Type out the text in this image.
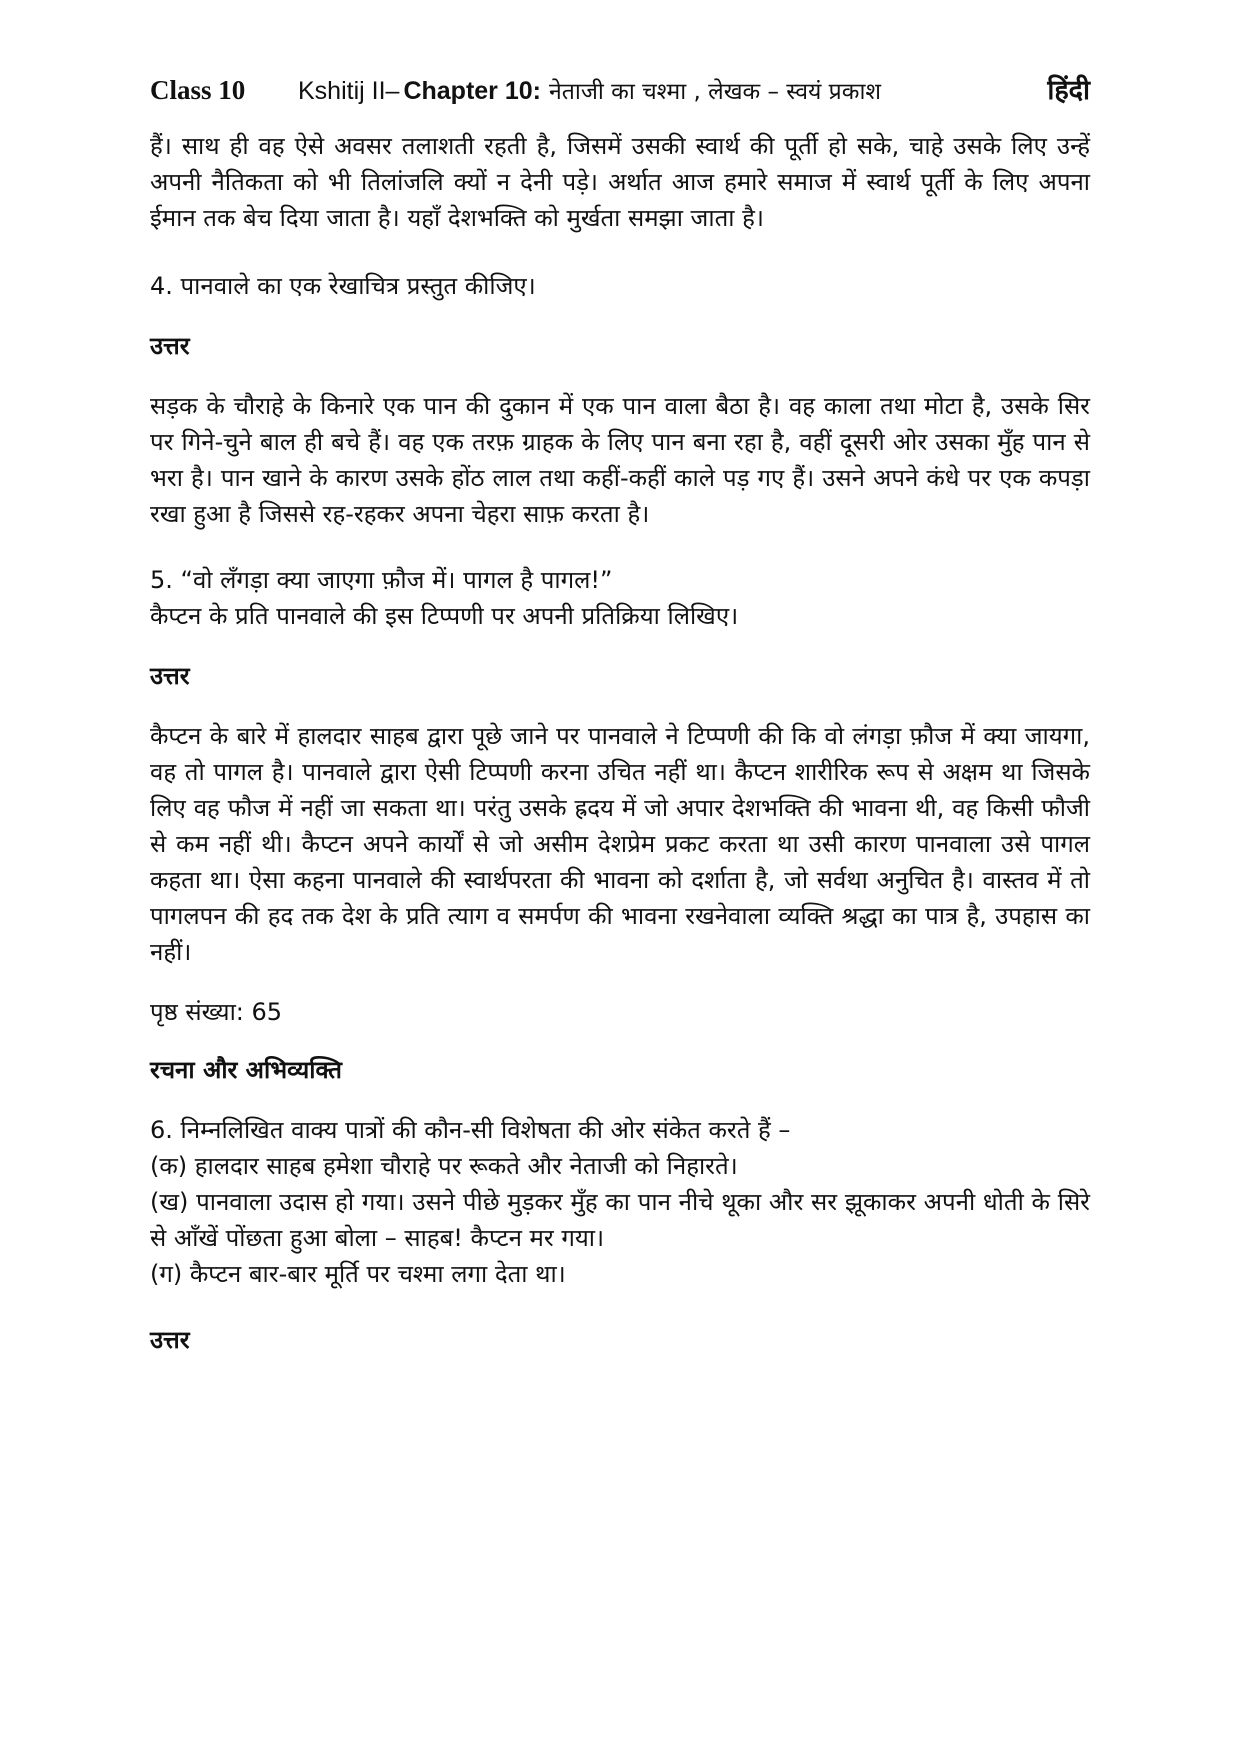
Class 10	Kshitij II– Chapter 10: नेताजी का चश्मा , लेखक – स्वयं प्रकाश	हिंदी

हैं। साथ ही वह ऐसे अवसर तलाशती रहती है, जिसमें उसकी स्वार्थ की पूर्ती हो सके, चाहे उसके लिए उन्हें अपनी नैतिकता को भी तिलांजलि क्यों न देनी पड़े। अर्थात आज हमारे समाज में स्वार्थ पूर्ती के लिए अपना ईमान तक बेच दिया जाता है। यहाँ देशभक्ति को मुर्खता समझा जाता है।

4. पानवाले का एक रेखाचित्र प्रस्तुत कीजिए।

उत्तर

सड़क के चौराहे के किनारे एक पान की दुकान में एक पान वाला बैठा है। वह काला तथा मोटा है, उसके सिर पर गिने-चुने बाल ही बचे हैं। वह एक तरफ़ ग्राहक के लिए पान बना रहा है, वहीं दूसरी ओर उसका मुँह पान से भरा है। पान खाने के कारण उसके होंठ लाल तथा कहीं-कहीं काले पड़ गए हैं। उसने अपने कंधे पर एक कपड़ा रखा हुआ है जिससे रह-रहकर अपना चेहरा साफ़ करता है।

5. “वो लँगड़ा क्या जाएगा फ़ौज में। पागल है पागल!”
कैप्टन के प्रति पानवाले की इस टिप्पणी पर अपनी प्रतिक्रिया लिखिए।

उत्तर

कैप्टन के बारे में हालदार साहब द्वारा पूछे जाने पर पानवाले ने टिप्पणी की कि वो लंगड़ा फ़ौज में क्या जायगा, वह तो पागल है। पानवाले द्वारा ऐसी टिप्पणी करना उचित नहीं था। कैप्टन शारीरिक रूप से अक्षम था जिसके लिए वह फौज में नहीं जा सकता था। परंतु उसके ह्रदय में जो अपार देशभक्ति की भावना थी, वह किसी फौजी से कम नहीं थी। कैप्टन अपने कार्यों से जो असीम देशप्रेम प्रकट करता था उसी कारण पानवाला उसे पागल कहता था। ऐसा कहना पानवाले की स्वार्थपरता की भावना को दर्शाता है, जो सर्वथा अनुचित है। वास्तव में तो पागलपन की हद तक देश के प्रति त्याग व समर्पण की भावना रखनेवाला व्यक्ति श्रद्धा का पात्र है, उपहास का नहीं।

पृष्ठ संख्या: 65

रचना और अभिव्यक्ति

6. निम्नलिखित वाक्य पात्रों की कौन-सी विशेषता की ओर संकेत करते हैं –
(क) हालदार साहब हमेशा चौराहे पर रूकते और नेताजी को निहारते।
(ख) पानवाला उदास हो गया। उसने पीछे मुड़कर मुँह का पान नीचे थूका और सर झूकाकर अपनी धोती के सिरे से आँखें पोंछता हुआ बोला – साहब! कैप्टन मर गया।
(ग) कैप्टन बार-बार मूर्ति पर चश्मा लगा देता था।

उत्तर
